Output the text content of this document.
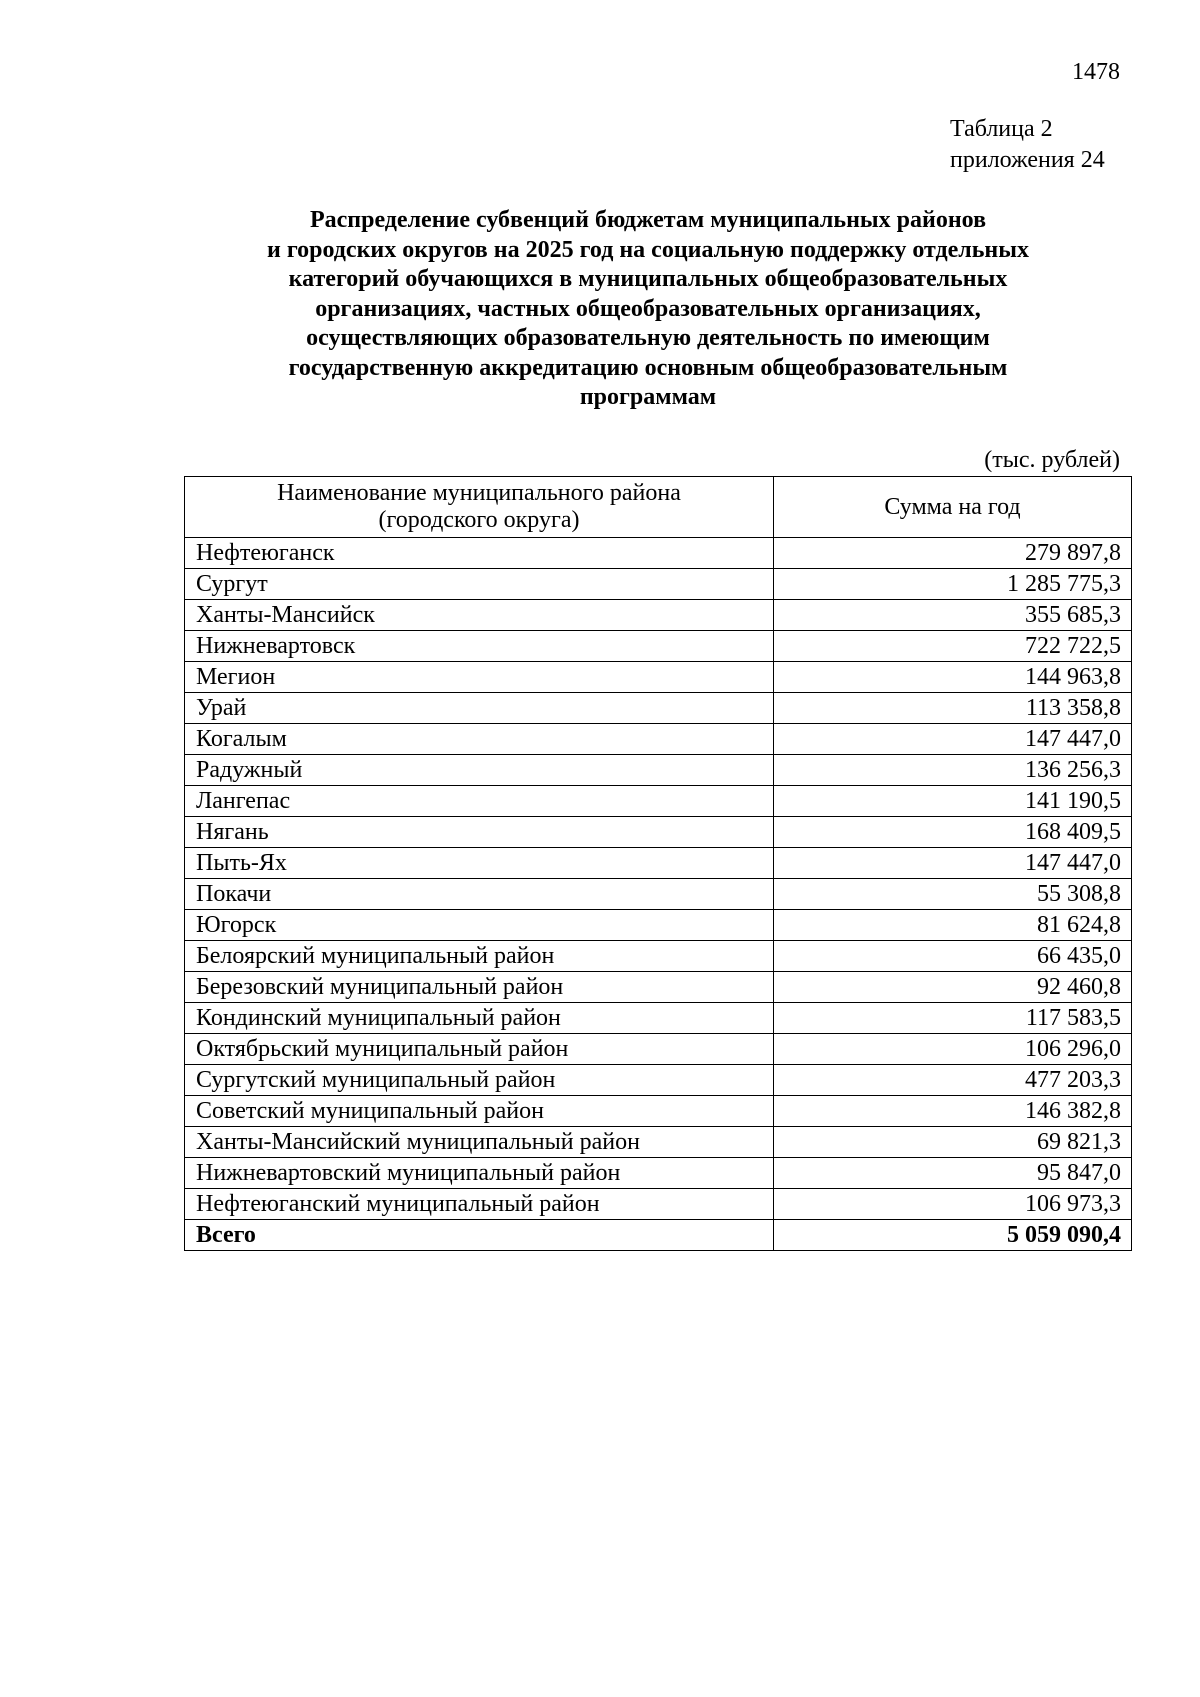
1478
Таблица 2
приложения 24
Распределение субвенций бюджетам муниципальных районов
и городских округов на 2025 год на социальную поддержку отдельных
категорий обучающихся в муниципальных общеобразовательных
организациях, частных общеобразовательных организациях,
осуществляющих образовательную деятельность по имеющим
государственную аккредитацию основным общеобразовательным
программам
(тыс. рублей)
Наименование муниципального района
(городского округа)	Сумма на год
Нефтеюганск	279 897,8
Сургут	1 285 775,3
Ханты-Мансийск	355 685,3
Нижневартовск	722 722,5
Мегион	144 963,8
Урай	113 358,8
Когалым	147 447,0
Радужный	136 256,3
Лангепас	141 190,5
Нягань	168 409,5
Пыть-Ях	147 447,0
Покачи	55 308,8
Югорск	81 624,8
Белоярский муниципальный район	66 435,0
Березовский муниципальный район	92 460,8
Кондинский муниципальный район	117 583,5
Октябрьский муниципальный район	106 296,0
Сургутский муниципальный район	477 203,3
Советский муниципальный район	146 382,8
Ханты-Мансийский муниципальный район	69 821,3
Нижневартовский муниципальный район	95 847,0
Нефтеюганский муниципальный район	106 973,3
Всего	5 059 090,4
